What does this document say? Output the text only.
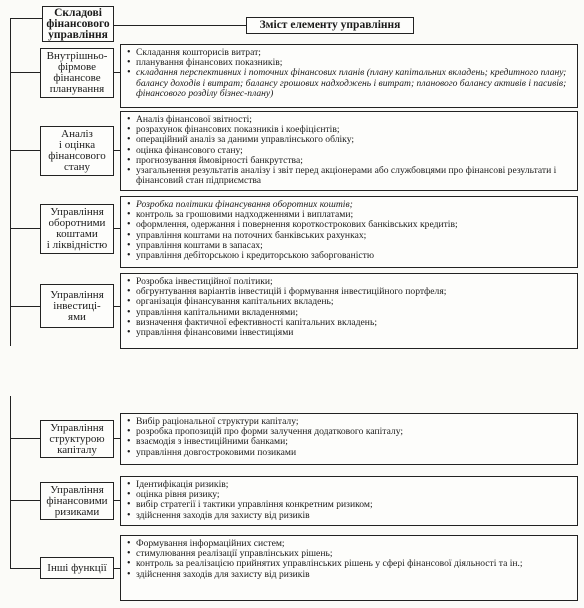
Складові
фінансового
управління
Зміст елементу управління
Внутрішньо-
фірмове
фінансове
планування
• Складання кошторисів витрат;
• планування фінансових показників;
• складання перспективних і поточних фінансових планів (плану капітальних вкладень; кредитного плану; балансу доходів і витрат; балансу грошових надходжень і витрат; планового балансу активів і пасивів; фінансового розділу бізнес-плану)
Аналіз
і оцінка
фінансового
стану
• Аналіз фінансової звітності;
• розрахунок фінансових показників і коефіцієнтів;
• операційний аналіз за даними управлінського обліку;
• оцінка фінансового стану;
• прогнозування ймовірності банкрутства;
• узагальнення результатів аналізу і звіт перед акціонерами або службовцями про фінансові результати і фінансовий стан підприємства
Управління
оборотними
коштами
і ліквідністю
• Розробка політики фінансування оборотних коштів;
• контроль за грошовими надходженнями і виплатами;
• оформлення, одержання і повернення короткострокових банківських кредитів;
• управління коштами на поточних банківських рахунках;
• управління коштами в запасах;
• управління дебіторською і кредиторською заборгованістю
Управління
інвестиці-
ями
• Розробка інвестиційної політики;
• обгрунтування варіантів інвестицій і формування інвестиційного портфеля;
• організація фінансування капітальних вкладень;
• управління капітальними вкладеннями;
• визначення фактичної ефективності капітальних вкладень;
• управління фінансовими інвестиціями
Управління
структурою
капіталу
• Вибір раціональної структури капіталу;
• розробка пропозицій про форми залучення додаткового капіталу;
• взаємодія з інвестиційними банками;
• управління довгостроковими позиками
Управління
фінансовими
ризиками
• Ідентифікація ризиків;
• оцінка рівня ризику;
• вибір стратегії і тактики управління конкретним ризиком;
• здійснення заходів для захисту від ризиків
Інші функції
• Формування інформаційних систем;
• стимулювання реалізації управлінських рішень;
• контроль за реалізацією прийнятих управлінських рішень у сфері фінансової діяльності та ін.;
• здійснення заходів для захисту від ризиків
